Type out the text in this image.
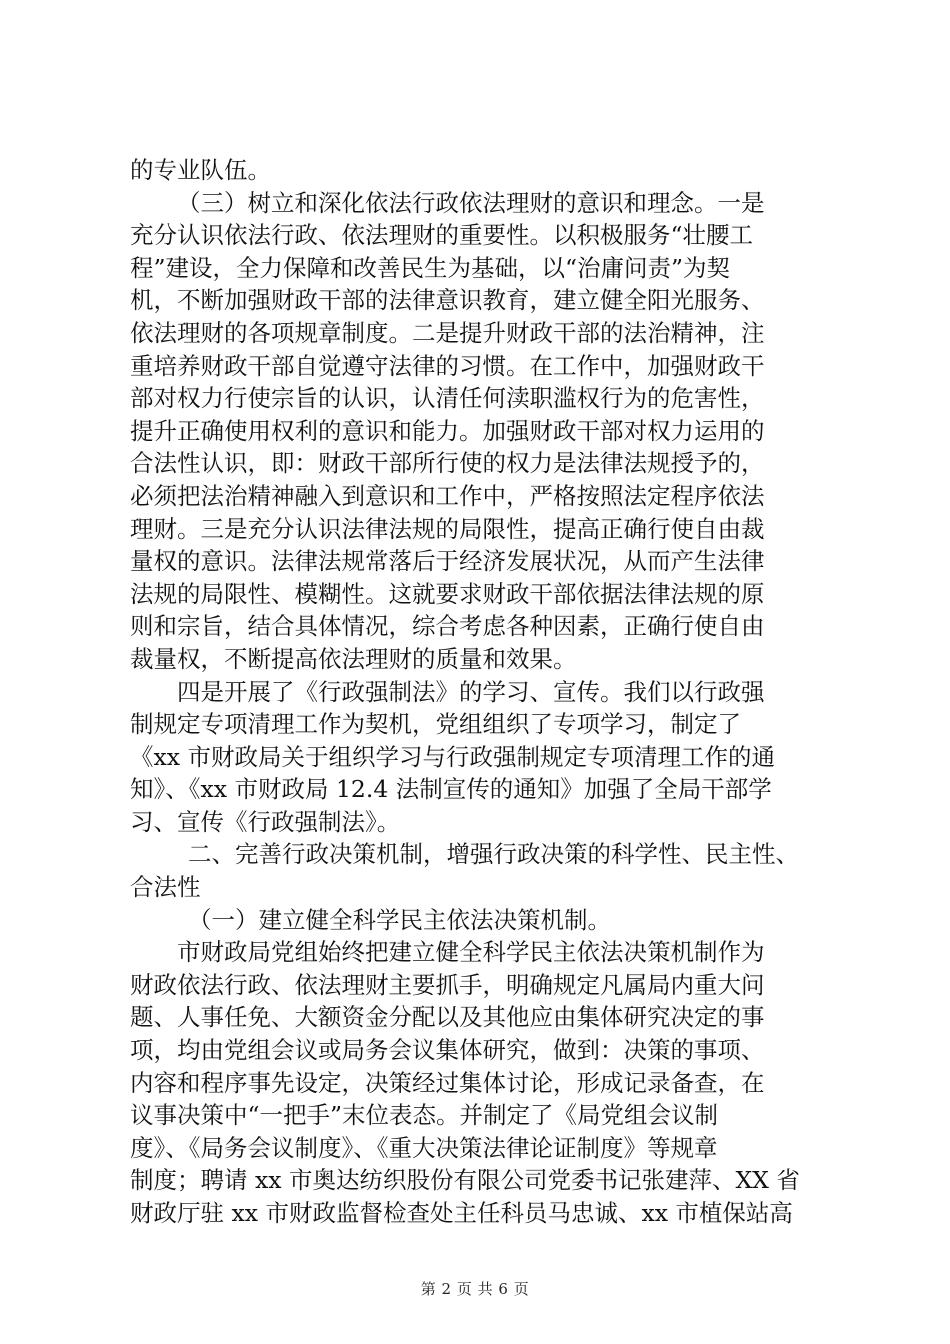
的专业队伍。
（三）树立和深化依法行政依法理财的意识和理念。一是
充分认识依法行政、依法理财的重要性。以积极服务“壮腰工
程”建设，全力保障和改善民生为基础，以“治庸问责”为契
机，不断加强财政干部的法律意识教育，建立健全阳光服务、
依法理财的各项规章制度。二是提升财政干部的法治精神，注
重培养财政干部自觉遵守法律的习惯。在工作中，加强财政干
部对权力行使宗旨的认识，认清任何渎职滥权行为的危害性，
提升正确使用权利的意识和能力。加强财政干部对权力运用的
合法性认识，即：财政干部所行使的权力是法律法规授予的，
必须把法治精神融入到意识和工作中，严格按照法定程序依法
理财。三是充分认识法律法规的局限性，提高正确行使自由裁
量权的意识。法律法规常落后于经济发展状况，从而产生法律
法规的局限性、模糊性。这就要求财政干部依据法律法规的原
则和宗旨，结合具体情况，综合考虑各种因素，正确行使自由
裁量权，不断提高依法理财的质量和效果。
四是开展了《行政强制法》的学习、宣传。我们以行政强
制规定专项清理工作为契机，党组组织了专项学习，制定了
《xx 市财政局关于组织学习与行政强制规定专项清理工作的通
知》、《xx 市财政局 12.4 法制宣传的通知》加强了全局干部学
习、宣传《行政强制法》。
二、完善行政决策机制，增强行政决策的科学性、民主性、
合法性
（一）建立健全科学民主依法决策机制。
市财政局党组始终把建立健全科学民主依法决策机制作为
财政依法行政、依法理财主要抓手，明确规定凡属局内重大问
题、人事任免、大额资金分配以及其他应由集体研究决定的事
项，均由党组会议或局务会议集体研究，做到：决策的事项、
内容和程序事先设定，决策经过集体讨论，形成记录备查，在
议事决策中“一把手”末位表态。并制定了《局党组会议制
度》、《局务会议制度》、《重大决策法律论证制度》等规章
制度；聘请 xx 市奥达纺织股份有限公司党委书记张建萍、XX 省
财政厅驻 xx 市财政监督检查处主任科员马忠诚、xx 市植保站高
第 2 页 共 6 页
